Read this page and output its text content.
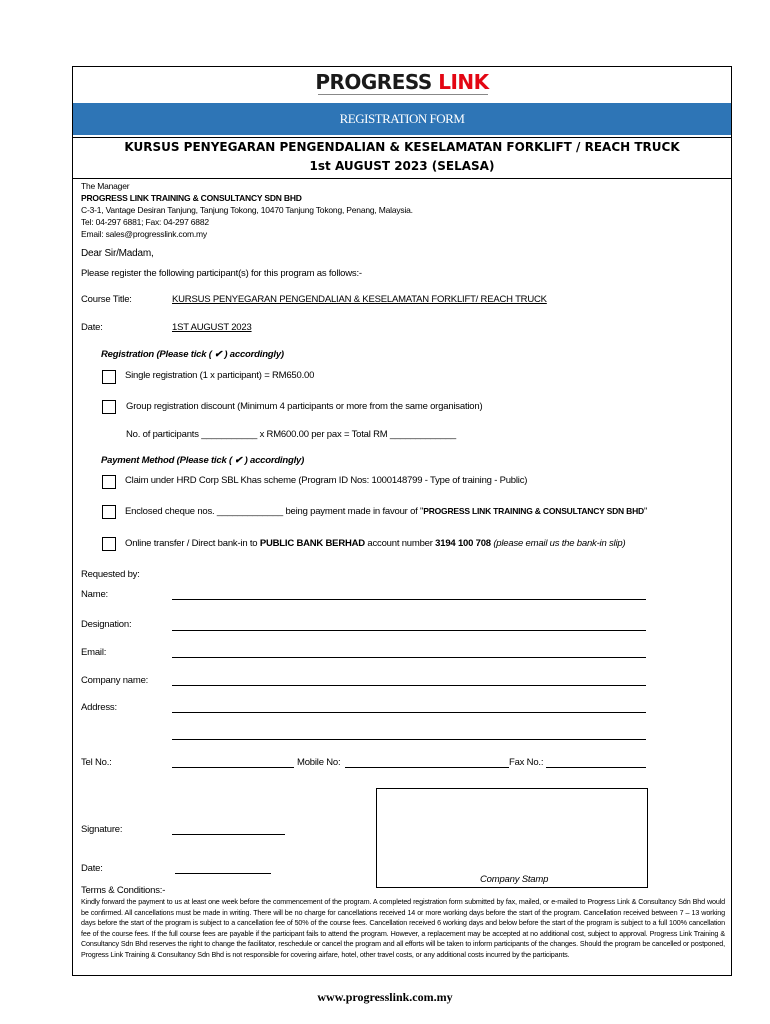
PROGRESS LINK
REGISTRATION FORM
KURSUS PENYEGARAN PENGENDALIAN & KESELAMATAN FORKLIFT / REACH TRUCK
1st AUGUST 2023 (SELASA)
The Manager
PROGRESS LINK TRAINING & CONSULTANCY SDN BHD
C-3-1, Vantage Desiran Tanjung, Tanjung Tokong, 10470 Tanjung Tokong, Penang, Malaysia.
Tel: 04-297 6881; Fax: 04-297 6882
Email: sales@progresslink.com.my
Dear Sir/Madam,
Please register the following participant(s) for this program as follows:-
Course Title:	KURSUS PENYEGARAN PENGENDALIAN & KESELAMATAN FORKLIFT/ REACH TRUCK
Date:	1ST AUGUST 2023
Registration (Please tick ( ✔ ) accordingly)
Single registration (1 x participant) = RM650.00
Group registration discount (Minimum 4 participants or more from the same organisation)
No. of participants ___________ x RM600.00 per pax = Total RM _____________
Payment Method (Please tick ( ✔ ) accordingly)
Claim under HRD Corp SBL Khas scheme (Program ID Nos: 1000148799 - Type of training - Public)
Enclosed cheque nos. _____________ being payment made in favour of "PROGRESS LINK TRAINING & CONSULTANCY SDN BHD"
Online transfer / Direct bank-in to PUBLIC BANK BERHAD account number 3194 100 708 (please email us the bank-in slip)
Requested by:
Name:
Designation:
Email:
Company name:
Address:
Tel No.:	Mobile No:	Fax No.:
Signature:
Date:
Company Stamp
Terms & Conditions:-
Kindly forward the payment to us at least one week before the commencement of the program. A completed registration form submitted by fax, mailed, or e-mailed to Progress Link & Consultancy Sdn Bhd would be confirmed. All cancellations must be made in writing. There will be no charge for cancellations received 14 or more working days before the start of the program. Cancellation received between 7 – 13 working days before the start of the program is subject to a cancellation fee of 50% of the course fees. Cancellation received 6 working days and below before the start of the program is subject to a full 100% cancellation fee of the course fees. If the full course fees are payable if the participant fails to attend the program. However, a replacement may be accepted at no additional cost, subject to approval. Progress Link Training & Consultancy Sdn Bhd reserves the right to change the facilitator, reschedule or cancel the program and all efforts will be taken to inform participants of the changes. Should the program be cancelled or postponed, Progress Link Training & Consultancy Sdn Bhd is not responsible for covering airfare, hotel, other travel costs, or any additional costs incurred by the participants.
www.progresslink.com.my
